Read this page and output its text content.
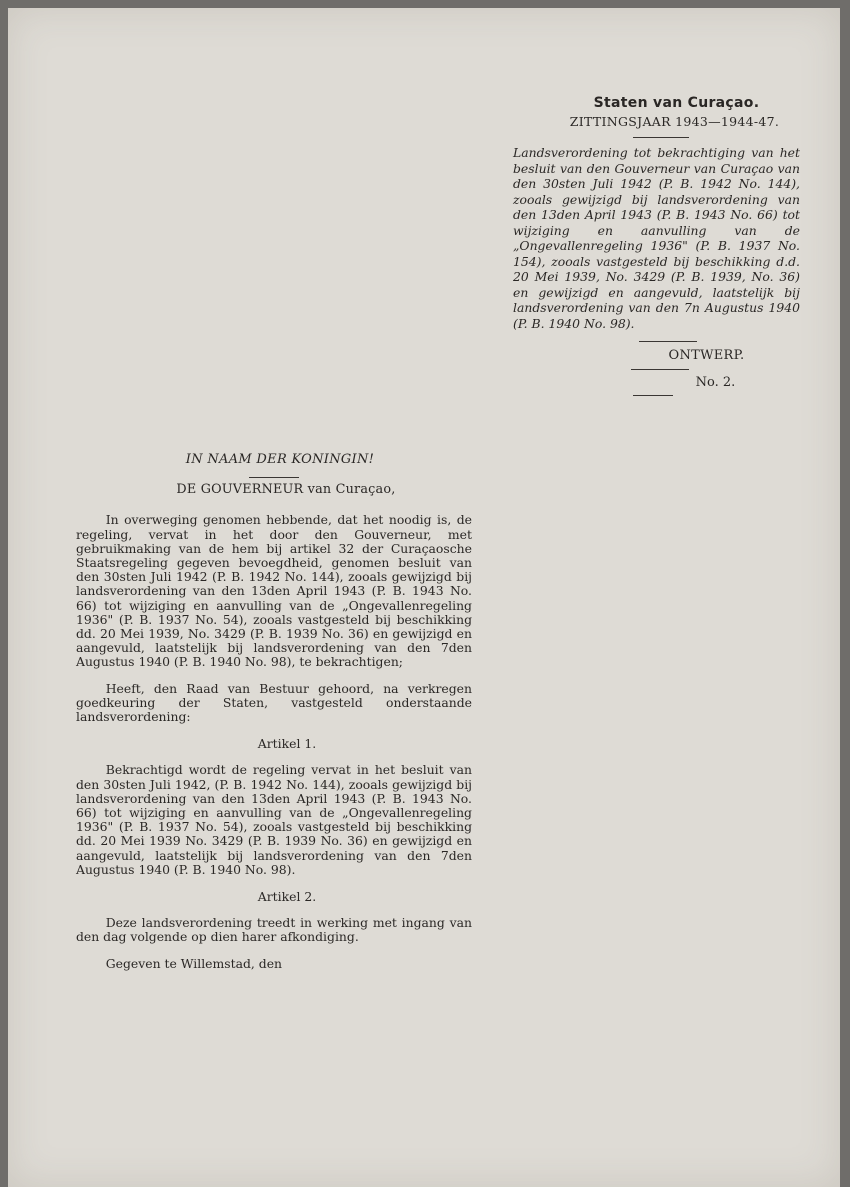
Staten van Curaçao.
ZITTINGSJAAR 1943—1944-47.
Landsverordening tot bekrachtiging van het besluit van den Gouverneur van Curaçao van den 30sten Juli 1942 (P. B. 1942 No. 144), zooals gewijzigd bij landsverordening van den 13den April 1943 (P. B. 1943 No. 66) tot wijziging en aanvulling van de „Ongevallenregeling 1936" (P. B. 1937 No. 154), zooals vastgesteld bij beschikking d.d. 20 Mei 1939, No. 3429 (P. B. 1939, No. 36) en gewijzigd en aangevuld, laatstelijk bij landsverordening van den 7n Augustus 1940 (P. B. 1940 No. 98).
ONTWERP.
No. 2.
IN NAAM DER KONINGIN!
DE GOUVERNEUR van Curaçao,

In overweging genomen hebbende, dat het noodig is, de regeling, vervat in het door den Gouverneur, met gebruikmaking van de hem bij artikel 32 der Curaçaosche Staatsregeling gegeven bevoegdheid, genomen besluit van den 30sten Juli 1942 (P. B. 1942 No. 144), zooals gewijzigd bij landsverordening van den 13den April 1943 (P. B. 1943 No. 66) tot wijziging en aanvulling van de „Ongevallenregeling 1936" (P. B. 1937 No. 54), zooals vastgesteld bij beschikking dd. 20 Mei 1939, No. 3429 (P. B. 1939 No. 36) en gewijzigd en aangevuld, laatstelijk bij landsverordening van den 7den Augustus 1940 (P. B. 1940 No. 98), te bekrachtigen;

Heeft, den Raad van Bestuur gehoord, na verkregen goedkeuring der Staten, vastgesteld onderstaande landsverordening:

Artikel 1.

Bekrachtigd wordt de regeling vervat in het besluit van den 30sten Juli 1942, (P. B. 1942 No. 144), zooals gewijzigd bij landsverordening van den 13den April 1943 (P. B. 1943 No. 66) tot wijziging en aanvulling van de „Ongevallenregeling 1936" (P. B. 1937 No. 54), zooals vastgesteld bij beschikking dd. 20 Mei 1939 No. 3429 (P. B. 1939 No. 36) en gewijzigd en aangevuld, laatstelijk bij landsverordening van den 7den Augustus 1940 (P. B. 1940 No. 98).

Artikel 2.

Deze landsverordening treedt in werking met ingang van den dag volgende op dien harer afkondiging.

Gegeven te Willemstad, den
